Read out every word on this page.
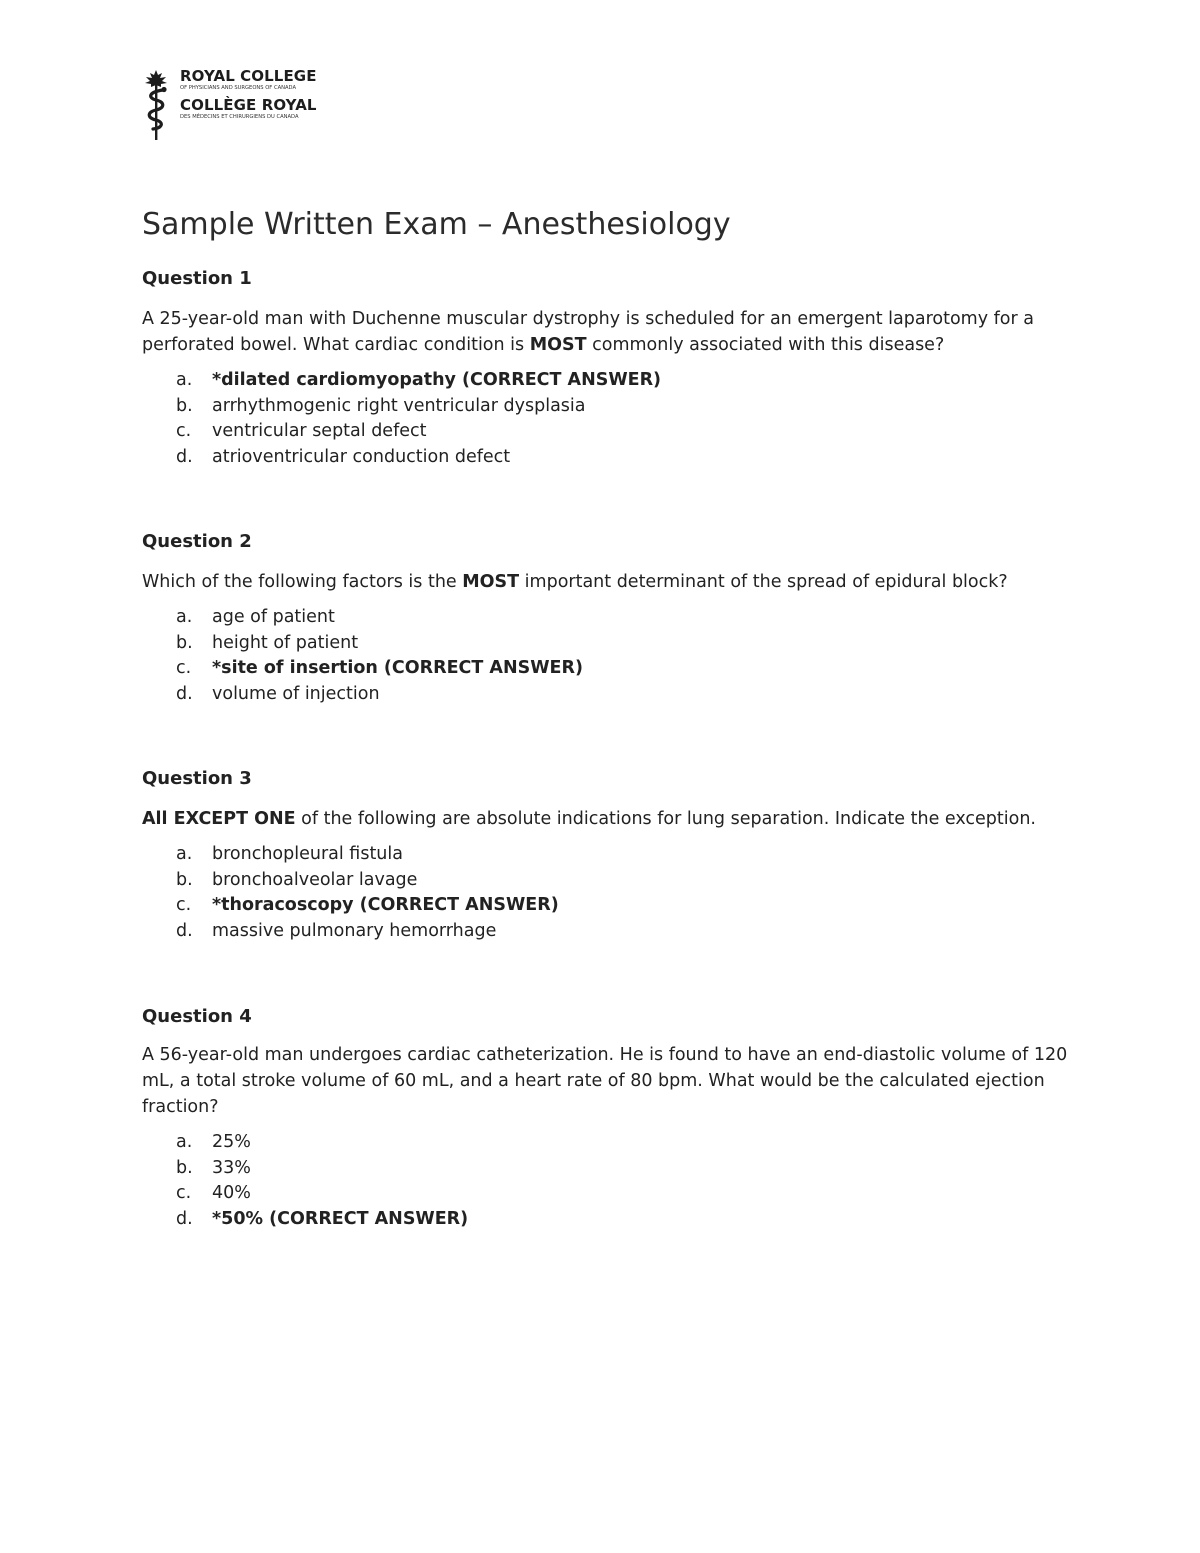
ROYAL COLLEGE
OF PHYSICIANS AND SURGEONS OF CANADA
COLLÈGE ROYAL
DES MÉDECINS ET CHIRURGIENS DU CANADA
Sample Written Exam – Anesthesiology
Question 1

A 25-year-old man with Duchenne muscular dystrophy is scheduled for an emergent laparotomy for a perforated bowel. What cardiac condition is MOST commonly associated with this disease?

a.	*dilated cardiomyopathy (CORRECT ANSWER)
b.	arrhythmogenic right ventricular dysplasia
c.	ventricular septal defect
d.	atrioventricular conduction defect
Question 2

Which of the following factors is the MOST important determinant of the spread of epidural block?

a.	age of patient
b.	height of patient
c.	*site of insertion (CORRECT ANSWER)
d.	volume of injection
Question 3

All EXCEPT ONE of the following are absolute indications for lung separation. Indicate the exception.

a.	bronchopleural fistula
b.	bronchoalveolar lavage
c.	*thoracoscopy (CORRECT ANSWER)
d.	massive pulmonary hemorrhage
Question 4

A 56-year-old man undergoes cardiac catheterization. He is found to have an end-diastolic volume of 120 mL, a total stroke volume of 60 mL, and a heart rate of 80 bpm. What would be the calculated ejection fraction?

a.	25%
b.	33%
c.	40%
d.	*50% (CORRECT ANSWER)
